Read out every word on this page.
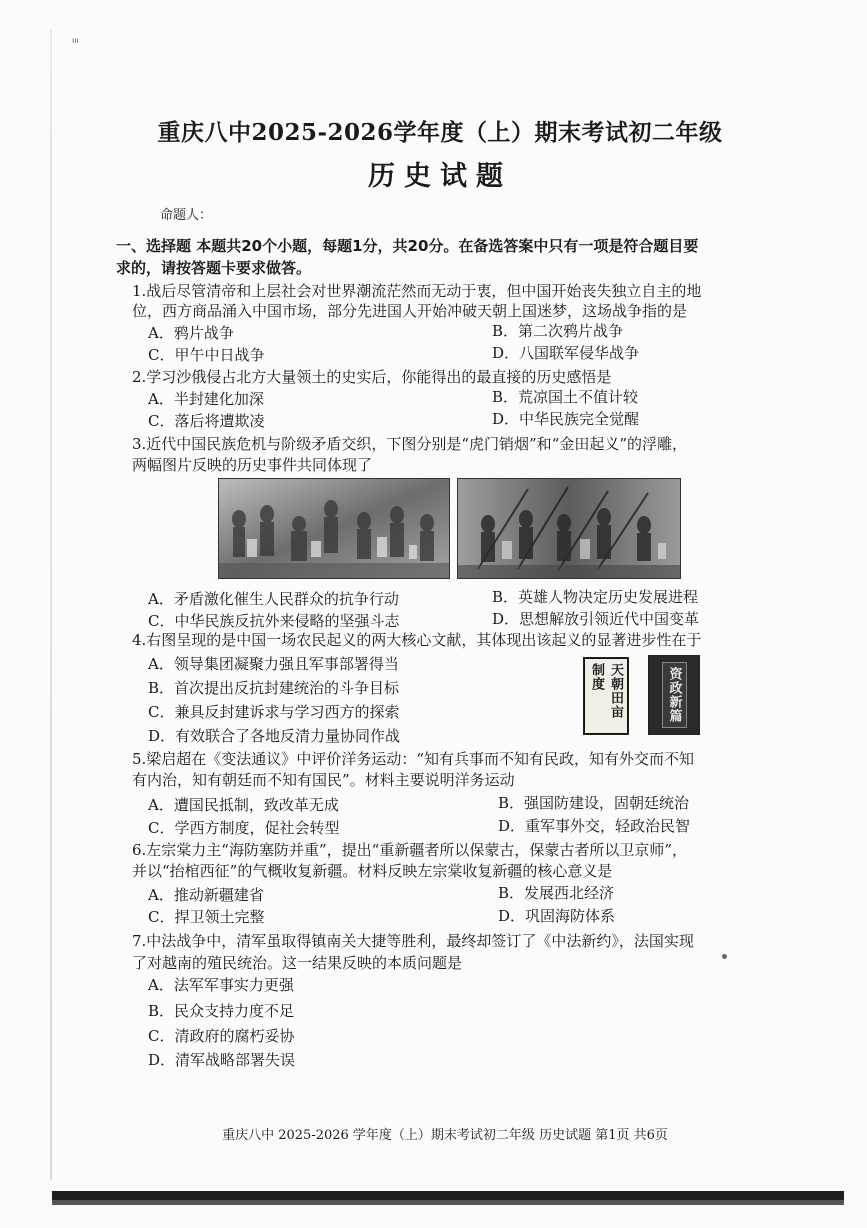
ııı
重庆八中2025-2026学年度（上）期末考试初二年级
历史试题
命题人：
一、选择题 本题共20个小题，每题1分，共20分。在备选答案中只有一项是符合题目要
求的，请按答题卡要求做答。
1.战后尽管清帝和上层社会对世界潮流茫然而无动于衷，但中国开始丧失独立自主的地
位，西方商品涌入中国市场，部分先进国人开始冲破天朝上国迷梦，这场战争指的是
A．鸦片战争	B．第二次鸦片战争
C．甲午中日战争	D．八国联军侵华战争
2.学习沙俄侵占北方大量领土的史实后，你能得出的最直接的历史感悟是
A．半封建化加深	B．荒凉国土不值计较
C．落后将遭欺凌	D．中华民族完全觉醒
3.近代中国民族危机与阶级矛盾交织，下图分别是“虎门销烟”和“金田起义”的浮雕，
两幅图片反映的历史事件共同体现了
A．矛盾激化催生人民群众的抗争行动	B．英雄人物决定历史发展进程
C．中华民族反抗外来侵略的坚强斗志	D．思想解放引领近代中国变革
4.右图呈现的是中国一场农民起义的两大核心文献，其体现出该起义的显著进步性在于
A．领导集团凝聚力强且军事部署得当
B．首次提出反抗封建统治的斗争目标
C．兼具反封建诉求与学习西方的探索
D．有效联合了各地反清力量协同作战
天朝田亩制度	资政新篇
5.梁启超在《变法通议》中评价洋务运动：“知有兵事而不知有民政，知有外交而不知
有内治，知有朝廷而不知有国民”。材料主要说明洋务运动
A．遭国民抵制，致改革无成	B．强国防建设，固朝廷统治
C．学西方制度，促社会转型	D．重军事外交，轻政治民智
6.左宗棠力主“海防塞防并重”，提出“重新疆者所以保蒙古，保蒙古者所以卫京师”，
并以“抬棺西征”的气概收复新疆。材料反映左宗棠收复新疆的核心意义是
A．推动新疆建省	B．发展西北经济
C．捍卫领土完整	D．巩固海防体系
7.中法战争中，清军虽取得镇南关大捷等胜利，最终却签订了《中法新约》，法国实现
了对越南的殖民统治。这一结果反映的本质问题是
A．法军军事实力更强
B．民众支持力度不足
C．清政府的腐朽妥协
D．清军战略部署失误
重庆八中 2025-2026 学年度（上）期末考试初二年级 历史试题 第1页 共6页
